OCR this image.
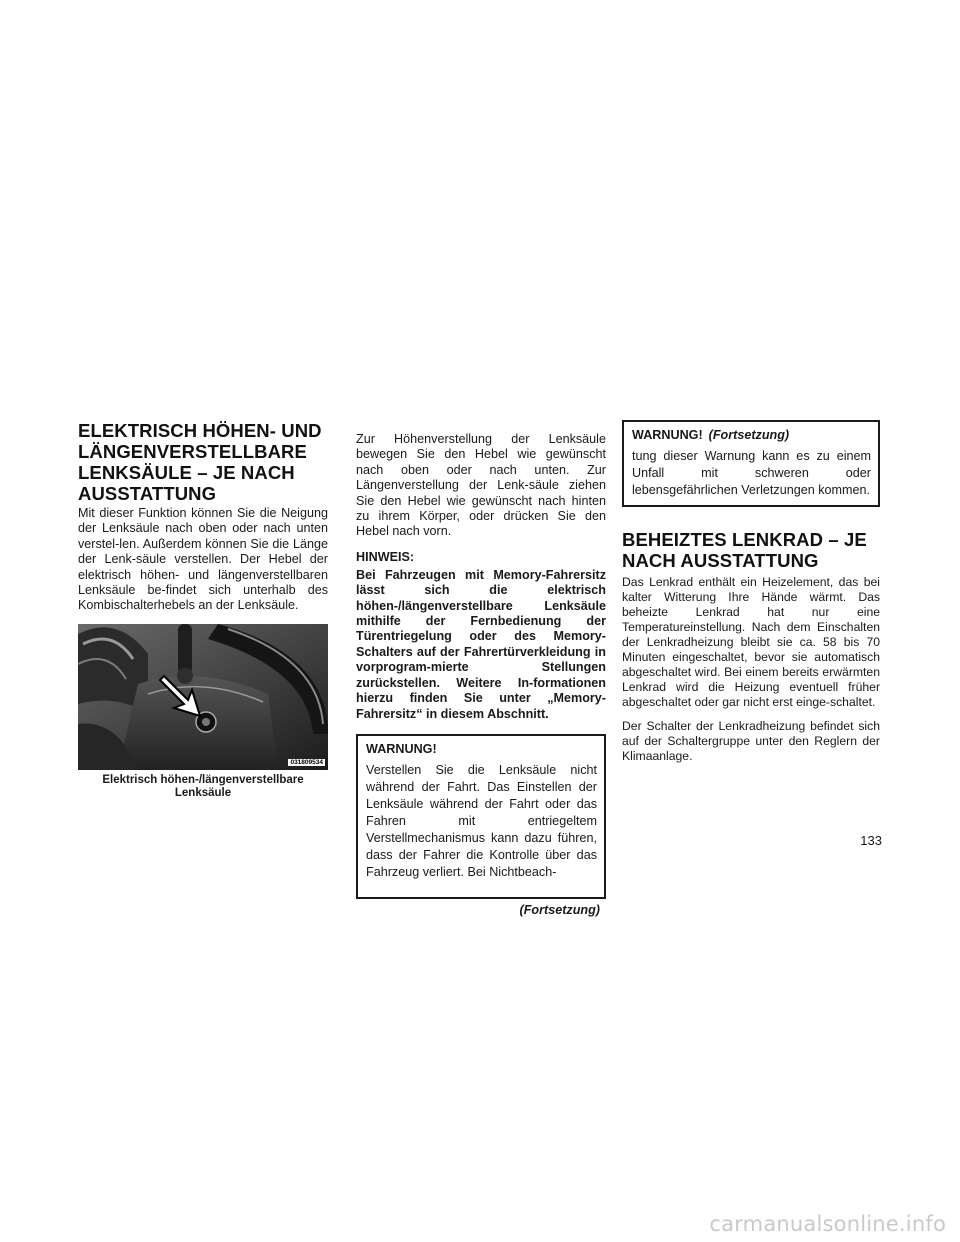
ELEKTRISCH HÖHEN- UND
LÄNGENVERSTELLBARE
LENKSÄULE – JE NACH
AUSSTATTUNG

Mit dieser Funktion können Sie die Neigung der Lenksäule nach oben oder nach unten verstel-len. Außerdem können Sie die Länge der Lenk-säule verstellen. Der Hebel der elektrisch höhen- und längenverstellbaren Lenksäule be-findet sich unterhalb des Kombischalterhebels an der Lenksäule.

031809534
Elektrisch höhen-/längenverstellbare
Lenksäule

Zur Höhenverstellung der Lenksäule bewegen Sie den Hebel wie gewünscht nach oben oder nach unten. Zur Längenverstellung der Lenk-säule ziehen Sie den Hebel wie gewünscht nach hinten zu ihrem Körper, oder drücken Sie den Hebel nach vorn.

HINWEIS:

Bei Fahrzeugen mit Memory-Fahrersitz lässt sich die elektrisch höhen-/längenverstellbare Lenksäule mithilfe der Fernbedienung der Türentriegelung oder des Memory-Schalters auf der Fahrertürverkleidung in vorprogram-mierte Stellungen zurückstellen. Weitere In-formationen hierzu finden Sie unter „Memory-Fahrersitz“ in diesem Abschnitt.

WARNUNG!

Verstellen Sie die Lenksäule nicht während der Fahrt. Das Einstellen der Lenksäule während der Fahrt oder das Fahren mit entriegeltem Verstellmechanismus kann dazu führen, dass der Fahrer die Kontrolle über das Fahrzeug verliert. Bei Nichtbeach-

(Fortsetzung)
WARNUNG! (Fortsetzung)

tung dieser Warnung kann es zu einem Unfall mit schweren oder lebensgefährlichen Verletzungen kommen.

BEHEIZTES LENKRAD – JE
NACH AUSSTATTUNG

Das Lenkrad enthält ein Heizelement, das bei kalter Witterung Ihre Hände wärmt. Das beheizte Lenkrad hat nur eine Temperatureinstellung. Nach dem Einschalten der Lenkradheizung bleibt sie ca. 58 bis 70 Minuten eingeschaltet, bevor sie automatisch abgeschaltet wird. Bei einem bereits erwärmten Lenkrad wird die Heizung eventuell früher abgeschaltet oder gar nicht erst einge-schaltet.

Der Schalter der Lenkradheizung befindet sich auf der Schaltergruppe unter den Reglern der Klimaanlage.

133
carmanualsonline.info
